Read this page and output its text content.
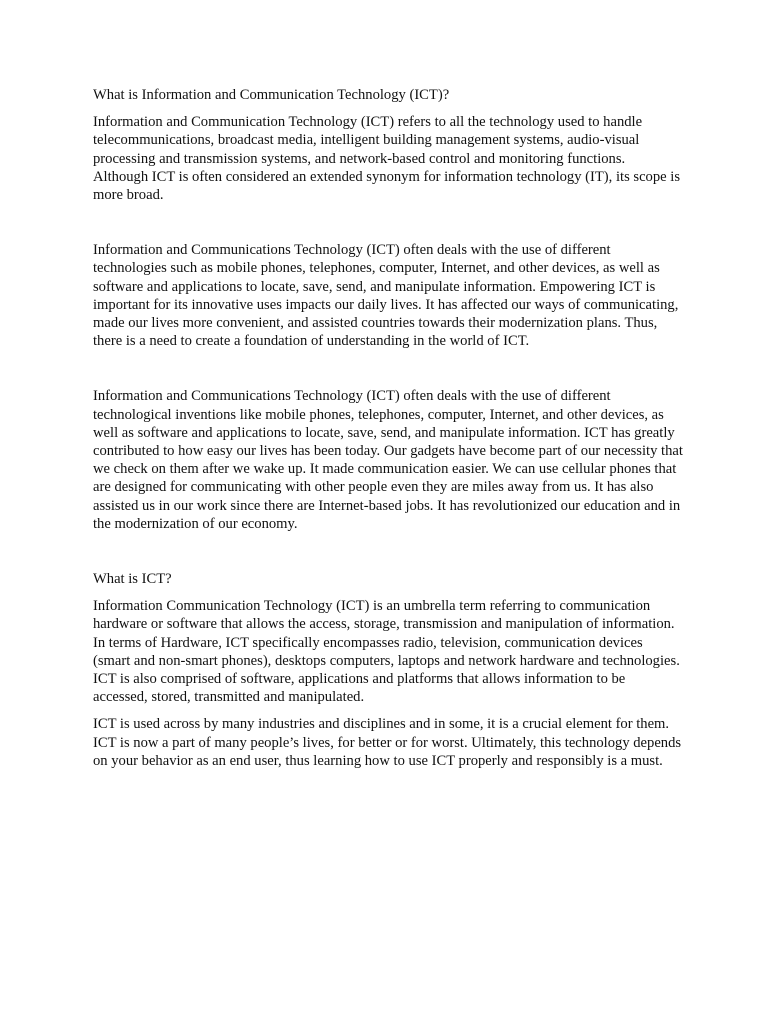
What is Information and Communication Technology (ICT)?

Information and Communication Technology (ICT) refers to all the technology used to handle telecommunications, broadcast media, intelligent building management systems, audio-visual processing and transmission systems, and network-based control and monitoring functions. Although ICT is often considered an extended synonym for information technology (IT), its scope is more broad.

Information and Communications Technology (ICT) often deals with the use of different technologies such as mobile phones, telephones, computer, Internet, and other devices, as well as software and applications to locate, save, send, and manipulate information. Empowering ICT is important for its innovative uses impacts our daily lives. It has affected our ways of communicating, made our lives more convenient, and assisted countries towards their modernization plans. Thus, there is a need to create a foundation of understanding in the world of ICT.

Information and Communications Technology (ICT) often deals with the use of different technological inventions like mobile phones, telephones, computer, Internet, and other devices, as well as software and applications to locate, save, send, and manipulate information. ICT has greatly contributed to how easy our lives has been today. Our gadgets have become part of our necessity that we check on them after we wake up. It made communication easier. We can use cellular phones that are designed for communicating with other people even they are miles away from us. It has also assisted us in our work since there are Internet-based jobs. It has revolutionized our education and in the modernization of our economy.

What is ICT?

Information Communication Technology (ICT) is an umbrella term referring to communication hardware or software that allows the access, storage, transmission and manipulation of information. In terms of Hardware, ICT specifically encompasses radio, television, communication devices (smart and non-smart phones), desktops computers, laptops and network hardware and technologies. ICT is also comprised of software, applications and platforms that allows information to be accessed, stored, transmitted and manipulated.

ICT is used across by many industries and disciplines and in some, it is a crucial element for them. ICT is now a part of many people’s lives, for better or for worst. Ultimately, this technology depends on your behavior as an end user, thus learning how to use ICT properly and responsibly is a must.
